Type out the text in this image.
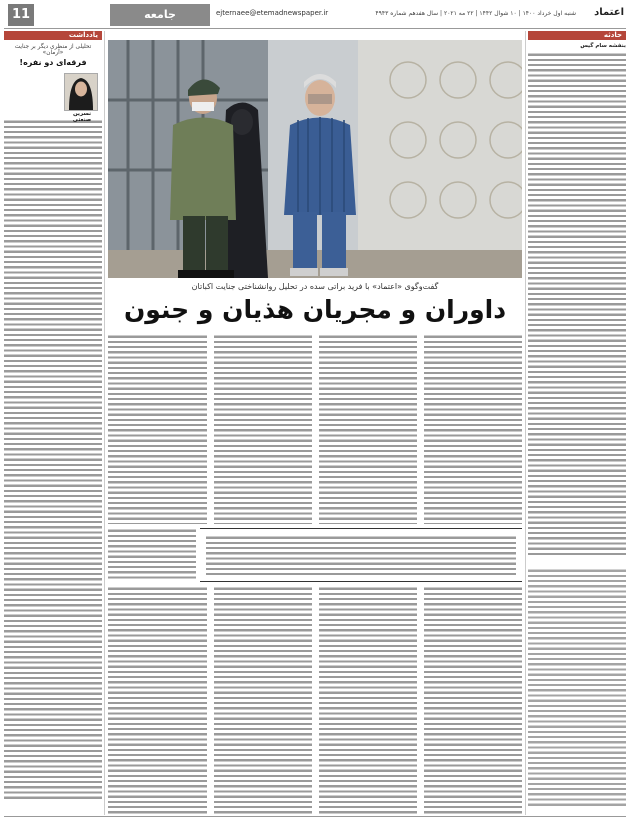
11	جامعه	ejternaee@etemadnewspaper.ir	شنبه اول خرداد ۱۴۰۰ | ۱۰ شوال ۱۴۴۲ | ۲۲ مه ۲۰۲۱ | سال هفدهم شماره ۴۹۴۳ اعتماد
یادداشت
تحلیلی از منظری دیگر بر جنایت «آرمان»
فرقه‌ای دو نفره!
نسرین صنعتی
حادثه
بنفشه سام گیس
گفت‌وگوی «اعتماد» با فرید براتی سده در تحلیل روانشناختی جنایت اکباتان
داوران و مجریان هذیان و جنون
